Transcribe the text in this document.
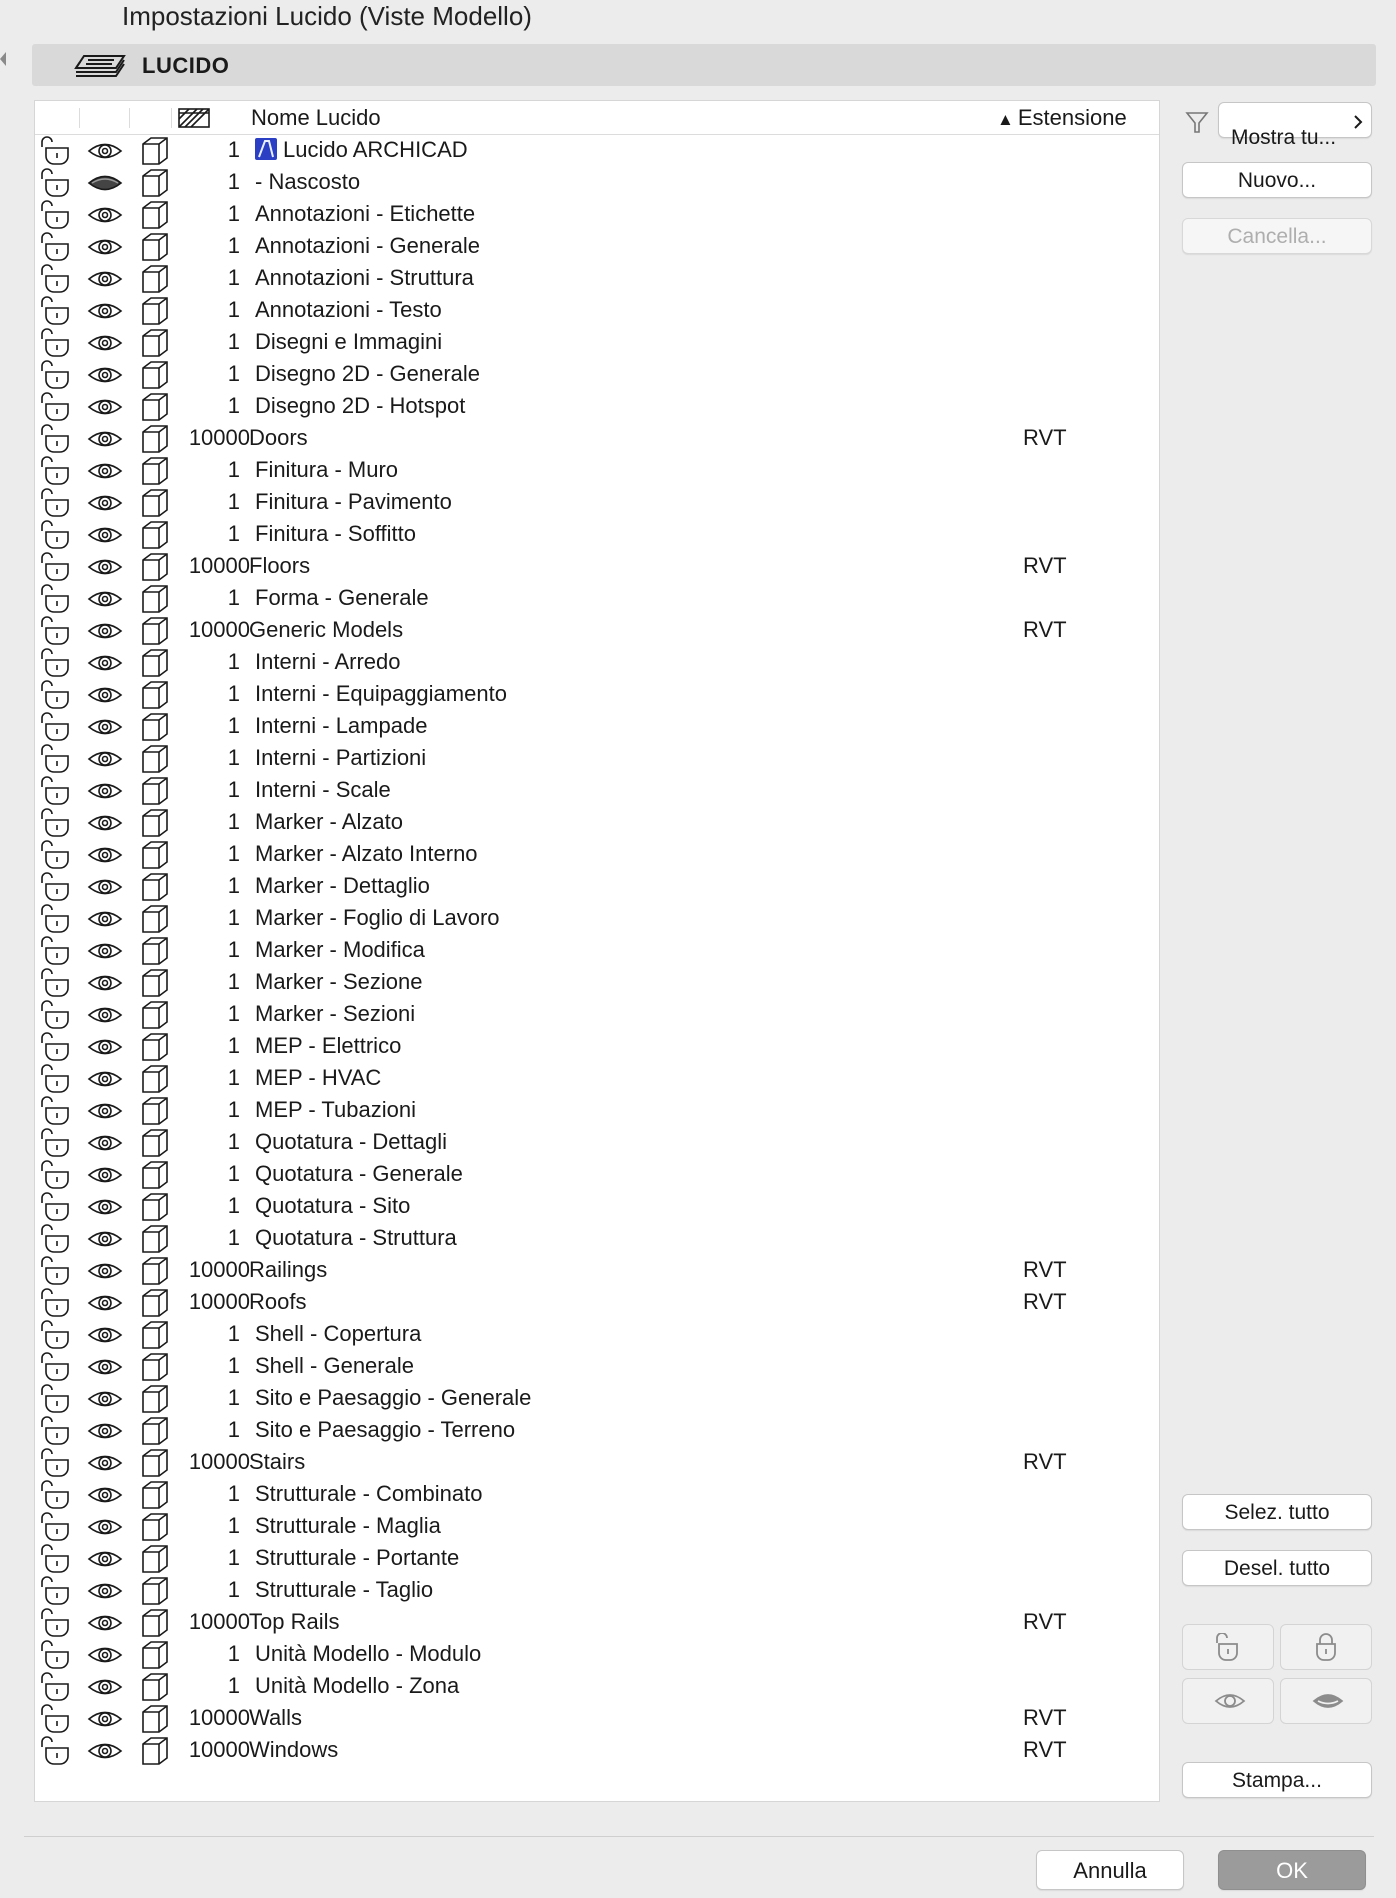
Impostazioni Lucido (Viste Modello)
LUCIDO
Nome Lucido	▲ Estensione
1	Lucido ARCHICAD
1 - Nascosto
1 Annotazioni - Etichette
1 Annotazioni - Generale
1 Annotazioni - Struttura
1 Annotazioni - Testo
1 Disegni e Immagini
1 Disegno 2D - Generale
1 Disegno 2D - Hotspot
10000 Doors	RVT
1 Finitura - Muro
1 Finitura - Pavimento
1 Finitura - Soffitto
10000 Floors	RVT
1 Forma - Generale
10000 Generic Models	RVT
1 Interni - Arredo
1 Interni - Equipaggiamento
1 Interni - Lampade
1 Interni - Partizioni
1 Interni - Scale
1 Marker - Alzato
1 Marker - Alzato Interno
1 Marker - Dettaglio
1 Marker - Foglio di Lavoro
1 Marker - Modifica
1 Marker - Sezione
1 Marker - Sezioni
1 MEP - Elettrico
1 MEP - HVAC
1 MEP - Tubazioni
1 Quotatura - Dettagli
1 Quotatura - Generale
1 Quotatura - Sito
1 Quotatura - Struttura
10000 Railings	RVT
10000 Roofs	RVT
1 Shell - Copertura
1 Shell - Generale
1 Sito e Paesaggio - Generale
1 Sito e Paesaggio - Terreno
10000 Stairs	RVT
1 Strutturale - Combinato
1 Strutturale - Maglia
1 Strutturale - Portante
1 Strutturale - Taglio
10000 Top Rails	RVT
1 Unità Modello - Modulo
1 Unità Modello - Zona
10000 Walls	RVT
10000 Windows	RVT
Mostra tu...
Nuovo...
Cancella...
Selez. tutto
Desel. tutto
Stampa...
Annulla	OK
